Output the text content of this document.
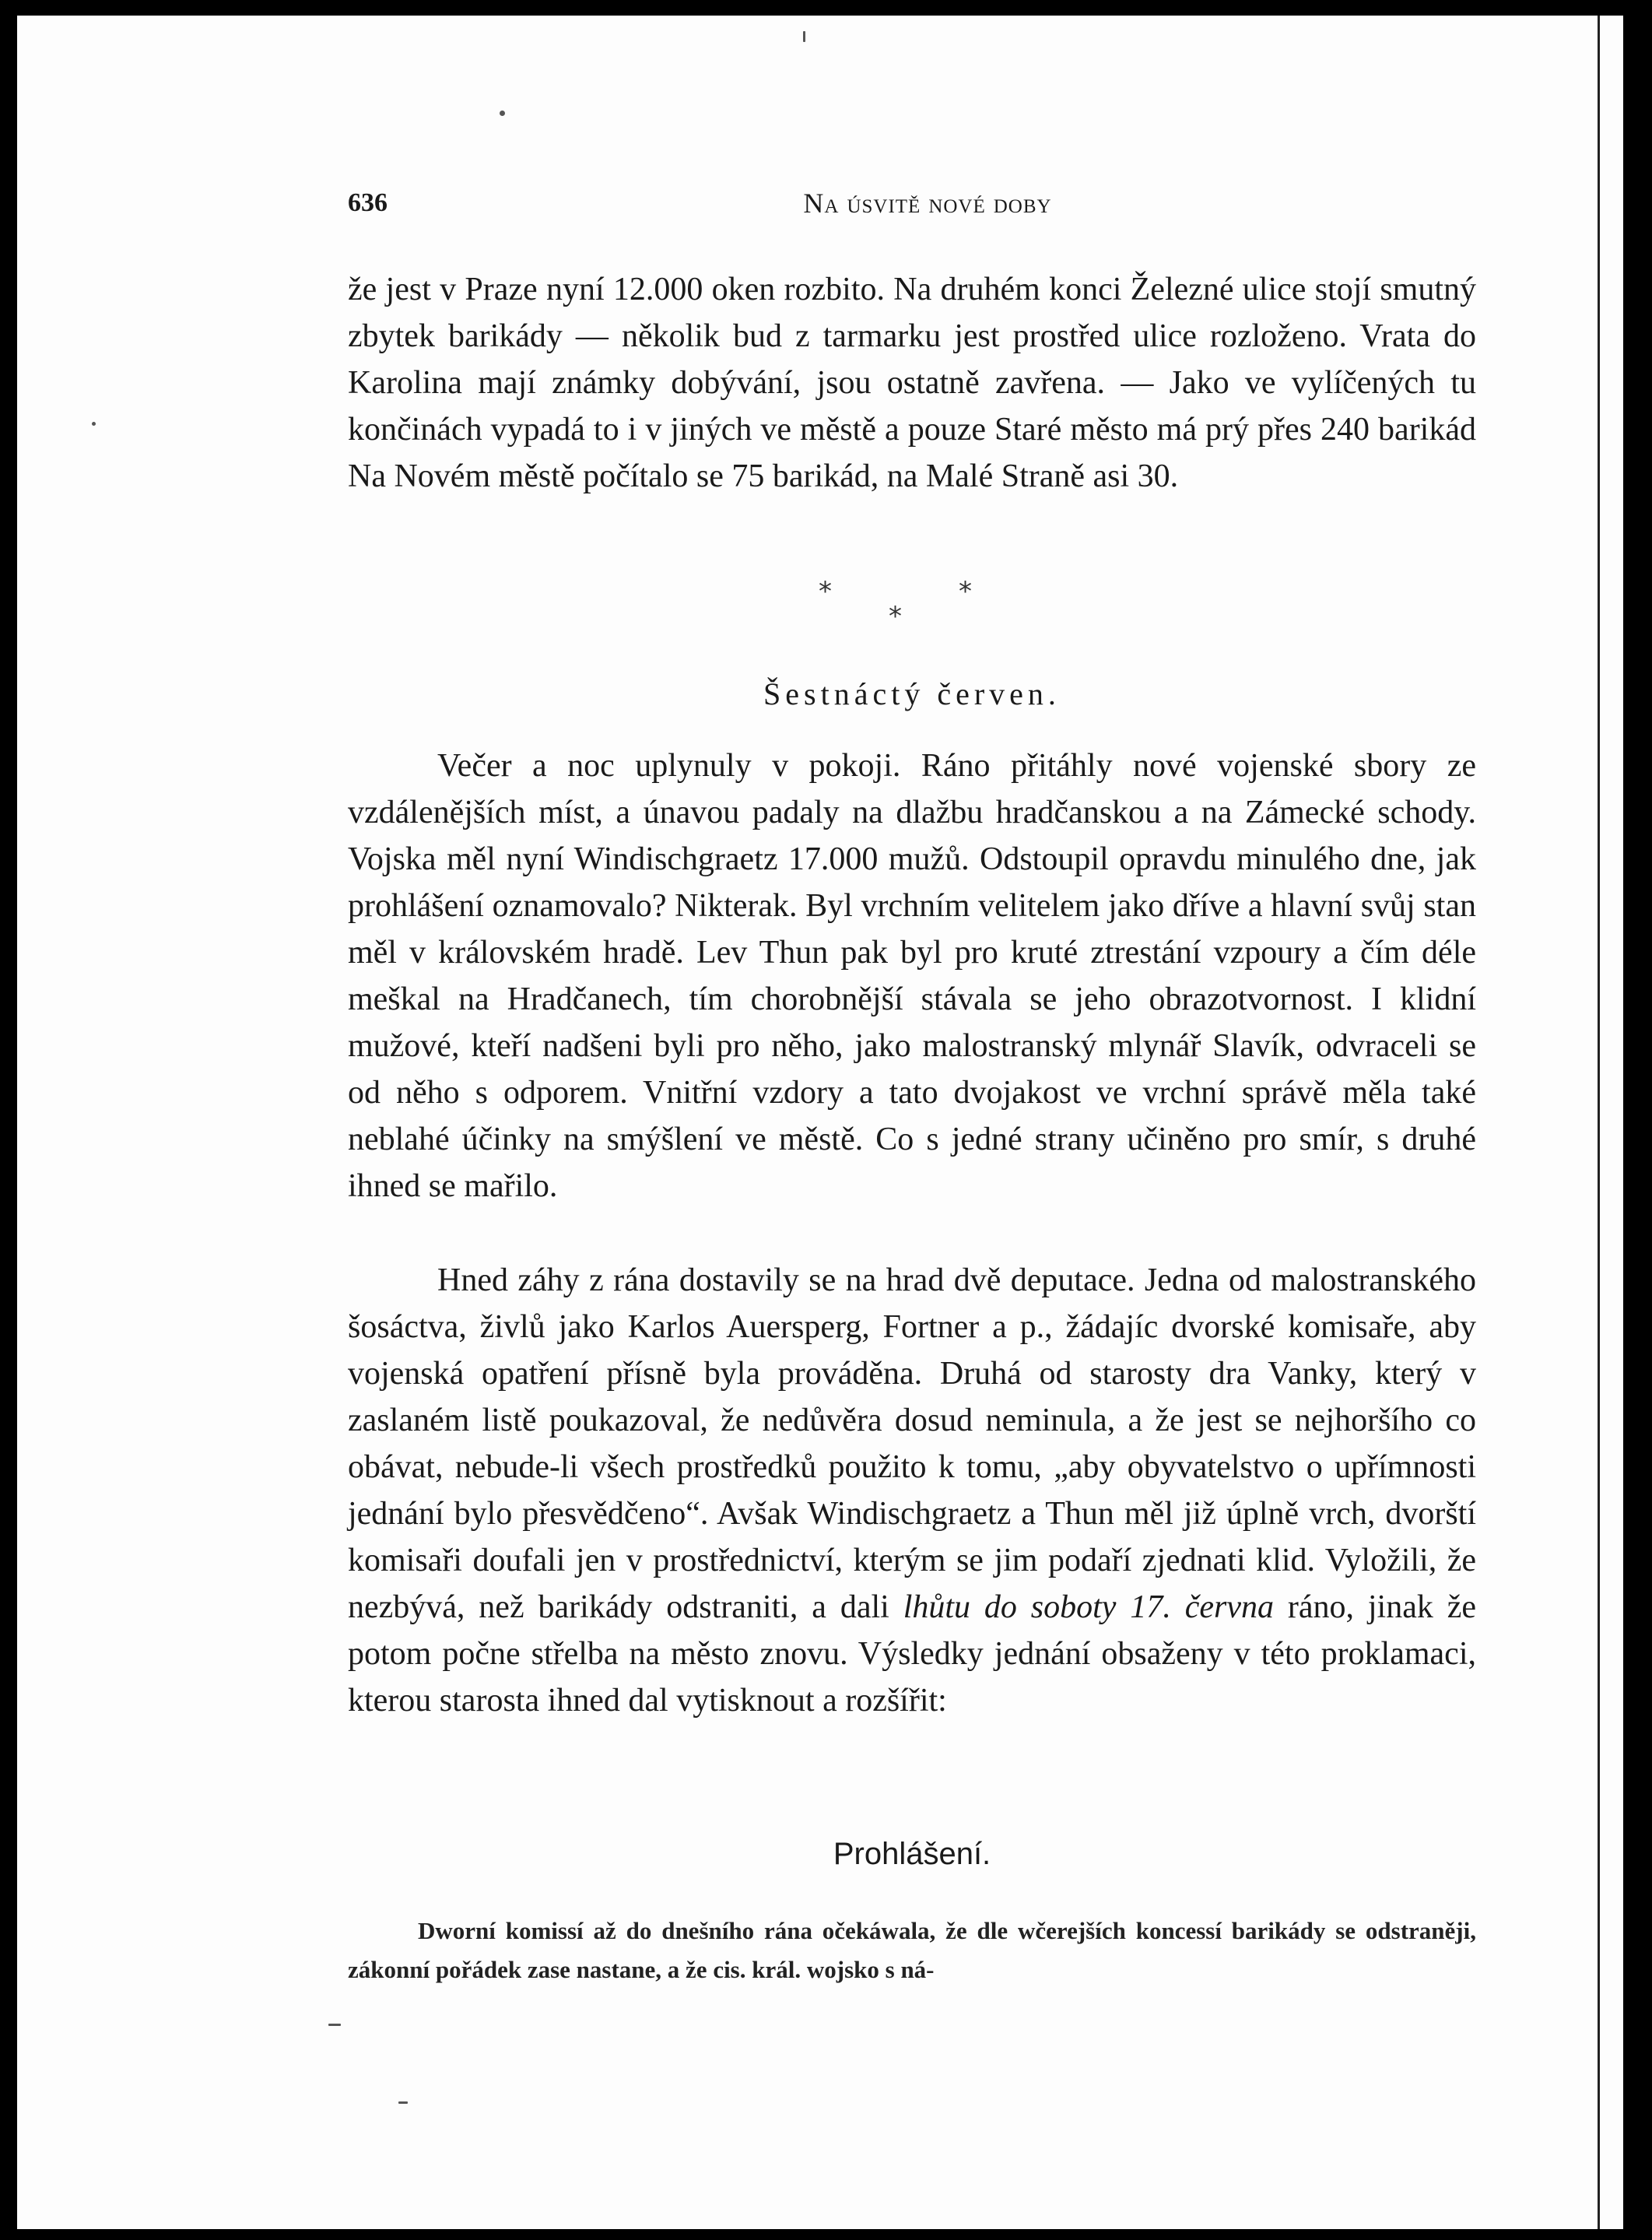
636	Na úsvitě nové doby

že jest v Praze nyní 12.000 oken rozbito. Na druhém konci Železné ulice stojí smutný zbytek barikády — několik bud z tarmarku jest prostřed ulice rozloženo. Vrata do Karolina mají známky dobývání, jsou ostatně zavřena. — Jako ve vylíčených tu končinách vypadá to i v jiných ve městě a pouze Staré město má prý přes 240 barikád Na Novém městě počítalo se 75 barikád, na Malé Straně asi 30.

*	*
*
Šestnáctý červen.

Večer a noc uplynuly v pokoji. Ráno přitáhly nové vojenské sbory ze vzdálenějších míst, a únavou padaly na dlažbu hradčanskou a na Zámecké schody. Vojska měl nyní Windischgraetz 17.000 mužů. Odstoupil opravdu minulého dne, jak prohlášení oznamovalo? Nikterak. Byl vrchním velitelem jako dříve a hlavní svůj stan měl v královském hradě. Lev Thun pak byl pro kruté ztrestání vzpoury a čím déle meškal na Hradčanech, tím chorobnější stávala se jeho obrazotvornost. I klidní mužové, kteří nadšeni byli pro něho, jako malostranský mlynář Slavík, odvraceli se od něho s odporem. Vnitřní vzdory a tato dvojakost ve vrchní správě měla také neblahé účinky na smýšlení ve městě. Co s jedné strany učiněno pro smír, s druhé ihned se mařilo.

Hned záhy z rána dostavily se na hrad dvě deputace. Jedna od malostranského šosáctva, živlů jako Karlos Auersperg, Fortner a p., žádajíc dvorské komisaře, aby vojenská opatření přísně byla prováděna. Druhá od starosty dra Vanky, který v zaslaném listě poukazoval, že nedůvěra dosud neminula, a že jest se nejhoršího co obávat, nebude-li všech prostředků použito k tomu, „aby obyvatelstvo o upřímnosti jednání bylo přesvědčeno“. Avšak Windischgraetz a Thun měl již úplně vrch, dvorští komisaři doufali jen v prostřednictví, kterým se jim podaří zjednati klid. Vyložili, že nezbývá, než barikády odstraniti, a dali lhůtu do soboty 17. června ráno, jinak že potom počne střelba na město znovu. Výsledky jednání obsaženy v této proklamaci, kterou starosta ihned dal vytisknout a rozšířit:

Prohlášení.

Dworní komissí až do dnešního rána očekáwala, že dle wčerejších koncessí barikády se odstraněji, zákonní pořádek zase nastane, a že cis. král. wojsko s ná-
